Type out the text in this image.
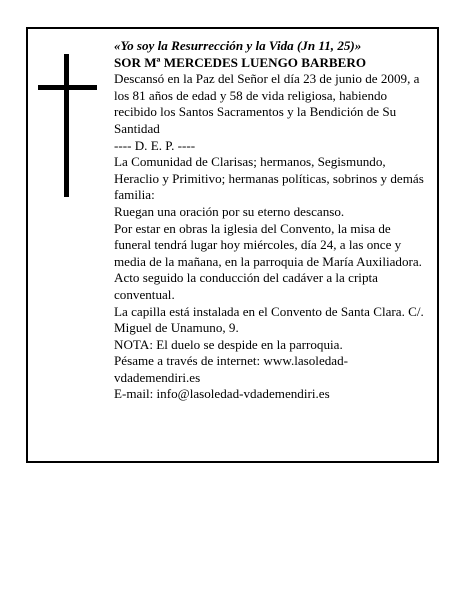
«Yo soy la Resurrección y la Vida (Jn 11, 25)»

SOR Mª MERCEDES LUENGO BARBERO

Descansó en la Paz del Señor el día 23 de junio de 2009, a los 81 años de edad y 58 de vida religiosa, habiendo recibido los Santos Sacramentos y la Bendición de Su Santidad

---- D. E. P. ----

La Comunidad de Clarisas; hermanos, Segismundo, Heraclio y Primitivo; hermanas políticas, sobrinos y demás familia:

Ruegan una oración por su eterno descanso.

Por estar en obras la iglesia del Convento, la misa de funeral tendrá lugar hoy miércoles, día 24, a las once y media de la mañana, en la parroquia de María Auxiliadora. Acto seguido la conducción del cadáver a la cripta conventual.

La capilla está instalada en el Convento de Santa Clara. C/. Miguel de Unamuno, 9.

NOTA: El duelo se despide en la parroquia.

Pésame a través de internet: www.lasoledad-vdademendiri.es

E-mail: info@lasoledad-vdademendiri.es
